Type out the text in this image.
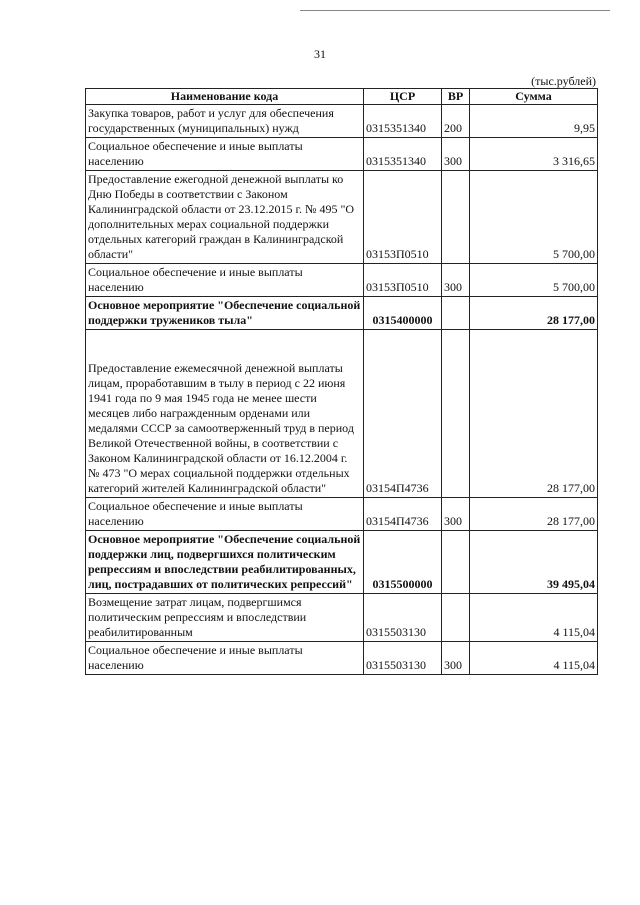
31
(тыс.рублей)
Наименование кода	ЦСР	ВР	Сумма
Закупка товаров, работ и услуг для обеспечения государственных (муниципальных) нужд	0315351340	200	9,95
Социальное обеспечение и иные выплаты населению	0315351340	300	3 316,65
Предоставление ежегодной денежной выплаты ко Дню Победы в соответствии с Законом Калининградской области от 23.12.2015 г. № 495 "О дополнительных мерах социальной поддержки отдельных категорий граждан в Калининградской области"	03153П0510		5 700,00
Социальное обеспечение и иные выплаты населению	03153П0510	300	5 700,00
Основное мероприятие "Обеспечение социальной поддержки тружеников тыла"	0315400000		28 177,00

Предоставление ежемесячной денежной выплаты лицам, проработавшим в тылу в период с 22 июня 1941 года по 9 мая 1945 года не менее шести месяцев либо награжденным орденами или медалями СССР за самоотверженный труд в период Великой Отечественной войны, в соответствии с Законом Калининградской области от 16.12.2004 г. № 473 "О мерах социальной поддержки отдельных категорий жителей Калининградской области"	03154П4736		28 177,00
Социальное обеспечение и иные выплаты населению	03154П4736	300	28 177,00
Основное мероприятие "Обеспечение социальной поддержки лиц, подвергшихся политическим репрессиям и впоследствии реабилитированных, лиц, пострадавших от политических репрессий"	0315500000		39 495,04
Возмещение затрат лицам, подвергшимся политическим репрессиям и впоследствии реабилитированным	0315503130		4 115,04
Социальное обеспечение и иные выплаты населению	0315503130	300	4 115,04
